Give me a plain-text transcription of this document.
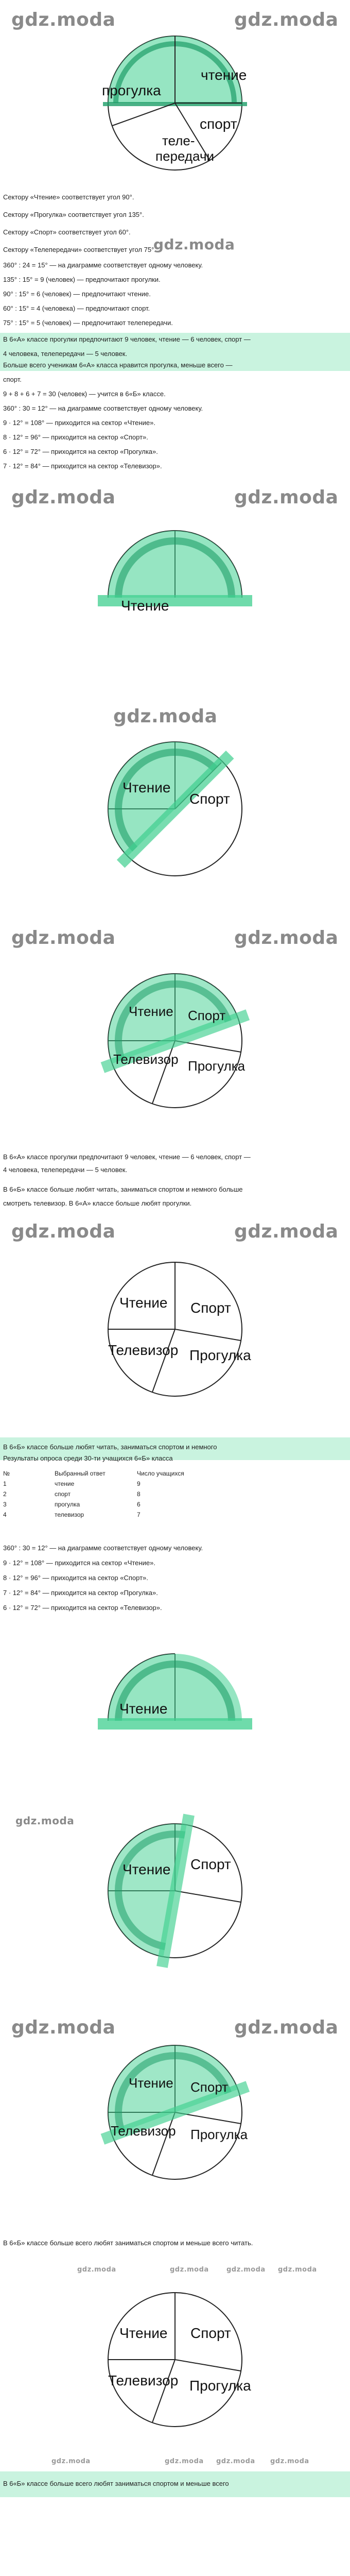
gdz.moda	gdz.moda
чтение
прогулка
спорт
теле-
передачи
Сектору «Чтение» соответствует угол 90°.
Сектору «Прогулка» соответствует угол 135°.
Сектору «Спорт» соответствует угол 60°.
Сектору «Телепередачи» соответствует угол 75°.
gdz.moda
360° : 24 = 15° — на диаграмме соответствует одному человеку.
135° : 15° = 9 (человек) — предпочитают прогулки.
90° : 15° = 6 (человек) — предпочитают чтение.
60° : 15° = 4 (человека) — предпочитают спорт.
75° : 15° = 5 (человек) — предпочитают телепередачи.
В 6«А» классе прогулки предпочитают 9 человек, чтение — 6 человек, спорт —
4 человека, телепередачи — 5 человек.
Больше всего ученикам 6«А» класса нравится прогулка, меньше всего —
спорт.
9 + 8 + 6 + 7 = 30 (человек) — учится в 6«Б» классе.
360° : 30 = 12° — на диаграмме соответствует одному человеку.
9 · 12° = 108° — приходится на сектор «Чтение».
8 · 12° = 96° — приходится на сектор «Спорт».
6 · 12° = 72° — приходится на сектор «Прогулка».
7 · 12° = 84° — приходится на сектор «Телевизор».
gdz.moda	gdz.moda
Чтение
gdz.moda
Чтение
Спорт
gdz.moda	gdz.moda
Чтение Спорт
Телевизор Прогулка
В 6«А» классе прогулки предпочитают 9 человек, чтение — 6 человек, спорт —
4 человека, телепередачи — 5 человек.
В 6«Б» классе больше любят читать, заниматься спортом и немного больше
смотреть телевизор. В 6«А» классе больше любят прогулки.
gdz.moda	gdz.moda
Чтение Спорт
Телевизор Прогулка
В 6«Б» классе больше любят читать, заниматься спортом и немного
Результаты опроса среди 30-ти учащихся 6«Б» класса
№	Выбранный ответ	Число учащихся
1	чтение	9
2	спорт	8
3	прогулка	6
4	телевизор	7
360° : 30 = 12° — на диаграмме соответствует одному человеку.
9 · 12° = 108° — приходится на сектор «Чтение».
8 · 12° = 96° — приходится на сектор «Спорт».
7 · 12° = 84° — приходится на сектор «Прогулка».
6 · 12° = 72° — приходится на сектор «Телевизор».
Чтение
gdz.moda
Чтение Спорт
gdz.moda	gdz.moda
Чтение Спорт
Телевизор Прогулка
В 6«Б» классе больше всего любят заниматься спортом и меньше всего читать.
gdz.moda	gdz.moda	gdz.moda gdz.moda
gdz.moda	gdz.moda gdz.moda gdz.moda
Чтение Спорт
Телевизор Прогулка
В 6«Б» классе больше всего любят заниматься спортом и меньше всего
